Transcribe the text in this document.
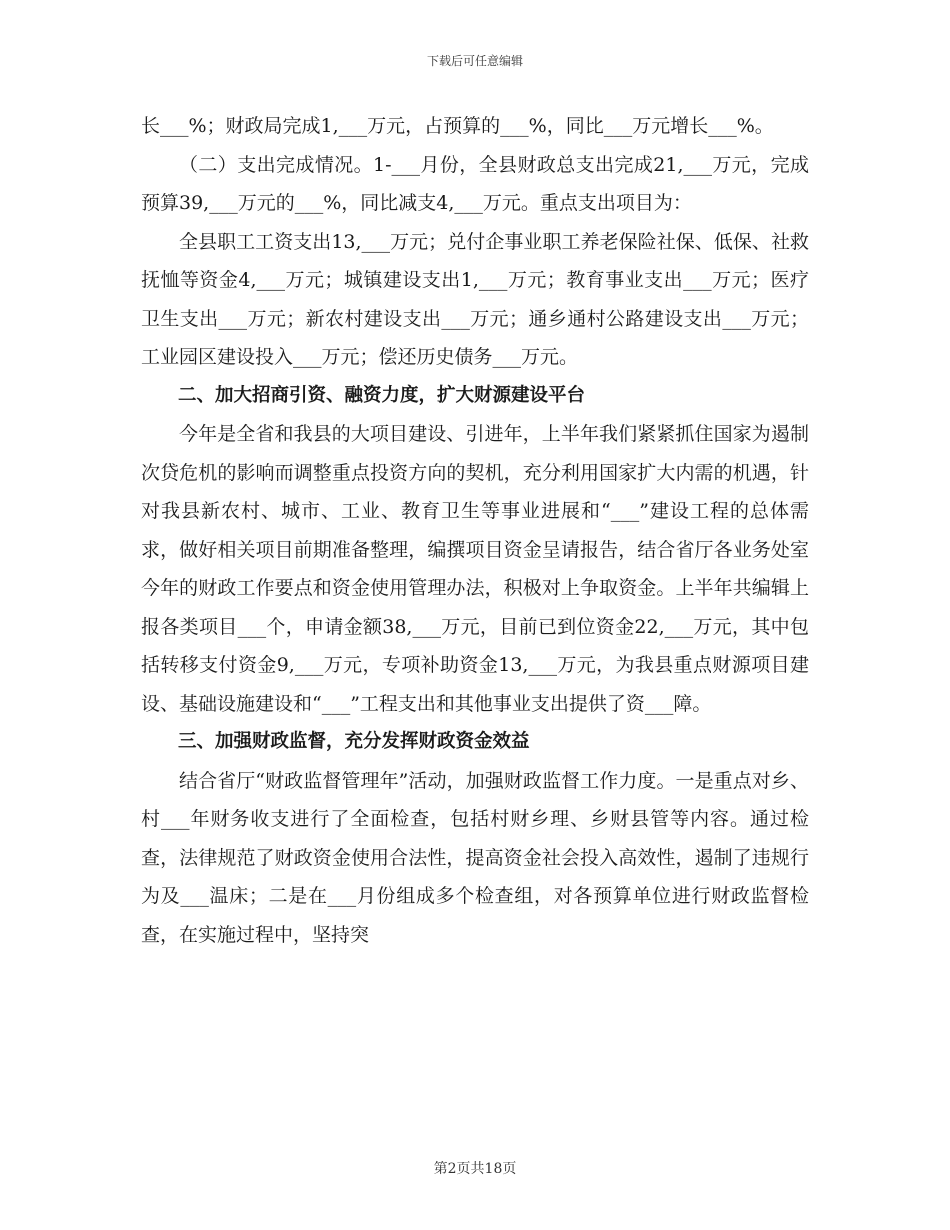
下载后可任意编辑

长___%；财政局完成1,___万元，占预算的___%，同比___万元增长___%。

（二）支出完成情况。1-___月份，全县财政总支出完成21,___万元，完成预算39,___万元的___%，同比减支4,___万元。重点支出项目为：

全县职工工资支出13,___万元；兑付企事业职工养老保险社保、低保、社救抚恤等资金4,___万元；城镇建设支出1,___万元；教育事业支出___万元；医疗卫生支出___万元；新农村建设支出___万元；通乡通村公路建设支出___万元；工业园区建设投入___万元；偿还历史债务___万元。

二、加大招商引资、融资力度，扩大财源建设平台

今年是全省和我县的大项目建设、引进年，上半年我们紧紧抓住国家为遏制次贷危机的影响而调整重点投资方向的契机，充分利用国家扩大内需的机遇，针对我县新农村、城市、工业、教育卫生等事业进展和“___”建设工程的总体需求，做好相关项目前期准备整理，编撰项目资金呈请报告，结合省厅各业务处室今年的财政工作要点和资金使用管理办法，积极对上争取资金。上半年共编辑上报各类项目___个，申请金额38,___万元，目前已到位资金22,___万元，其中包括转移支付资金9,___万元，专项补助资金13,___万元，为我县重点财源项目建设、基础设施建设和“___”工程支出和其他事业支出提供了资___障。

三、加强财政监督，充分发挥财政资金效益

结合省厅“财政监督管理年”活动，加强财政监督工作力度。一是重点对乡、村___年财务收支进行了全面检查，包括村财乡理、乡财县管等内容。通过检查，法律规范了财政资金使用合法性，提高资金社会投入高效性，遏制了违规行为及___温床；二是在___月份组成多个检查组，对各预算单位进行财政监督检查，在实施过程中，坚持突

第2页共18页
